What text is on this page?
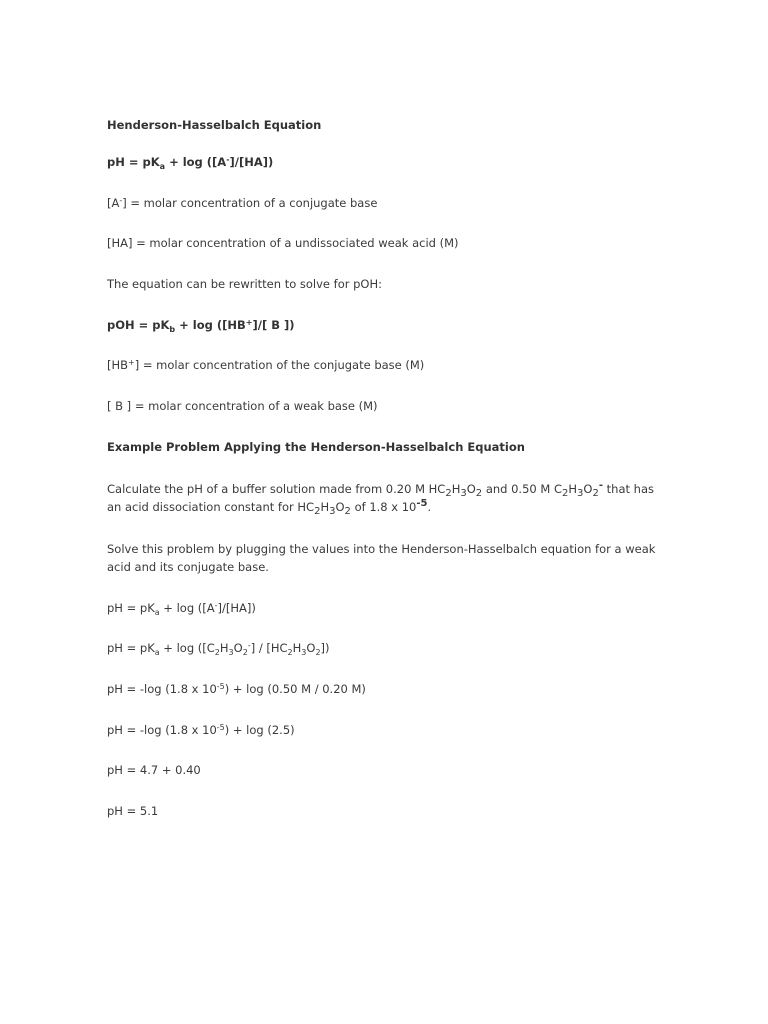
Henderson-Hasselbalch Equation

pH = $pK_a + \log ([A^-]/[HA])$

[A-] = molar concentration of a conjugate base

[HA] = molar concentration of a undissociated weak acid (M)

The equation can be rewritten to solve for pOH:

pOH = $pK_b + \log ([HB^+]/$[ B ])

[HB+] = molar concentration of the conjugate base (M)

[ B ] = molar concentration of a weak base (M)

Example Problem Applying the Henderson-Hasselbalch Equation

Calculate the pH of a buffer solution made from 0.20 M HC2H3O2 and 0.50 M C2H3O2- that has

an acid dissociation constant for HC2H3O2 of 1.8 x 10-5.

Solve this problem by plugging the values into the Henderson-Hasselbalch equation for a weak

acid and its conjugate base.

pH = $pK_a + \log ([A^-]/[HA])$

pH = $pK_a + \log ([C_2H_3O_2^-] / [HC_2H_3O_2])$

pH = -log (1.8 x $10^{-5}) + \log (0.50$ M / 0.20 M)

pH = -log (1.8 x $10^{-5}) + \log (2.5)$

pH = 4.7 + 0.40

pH = 5.1
